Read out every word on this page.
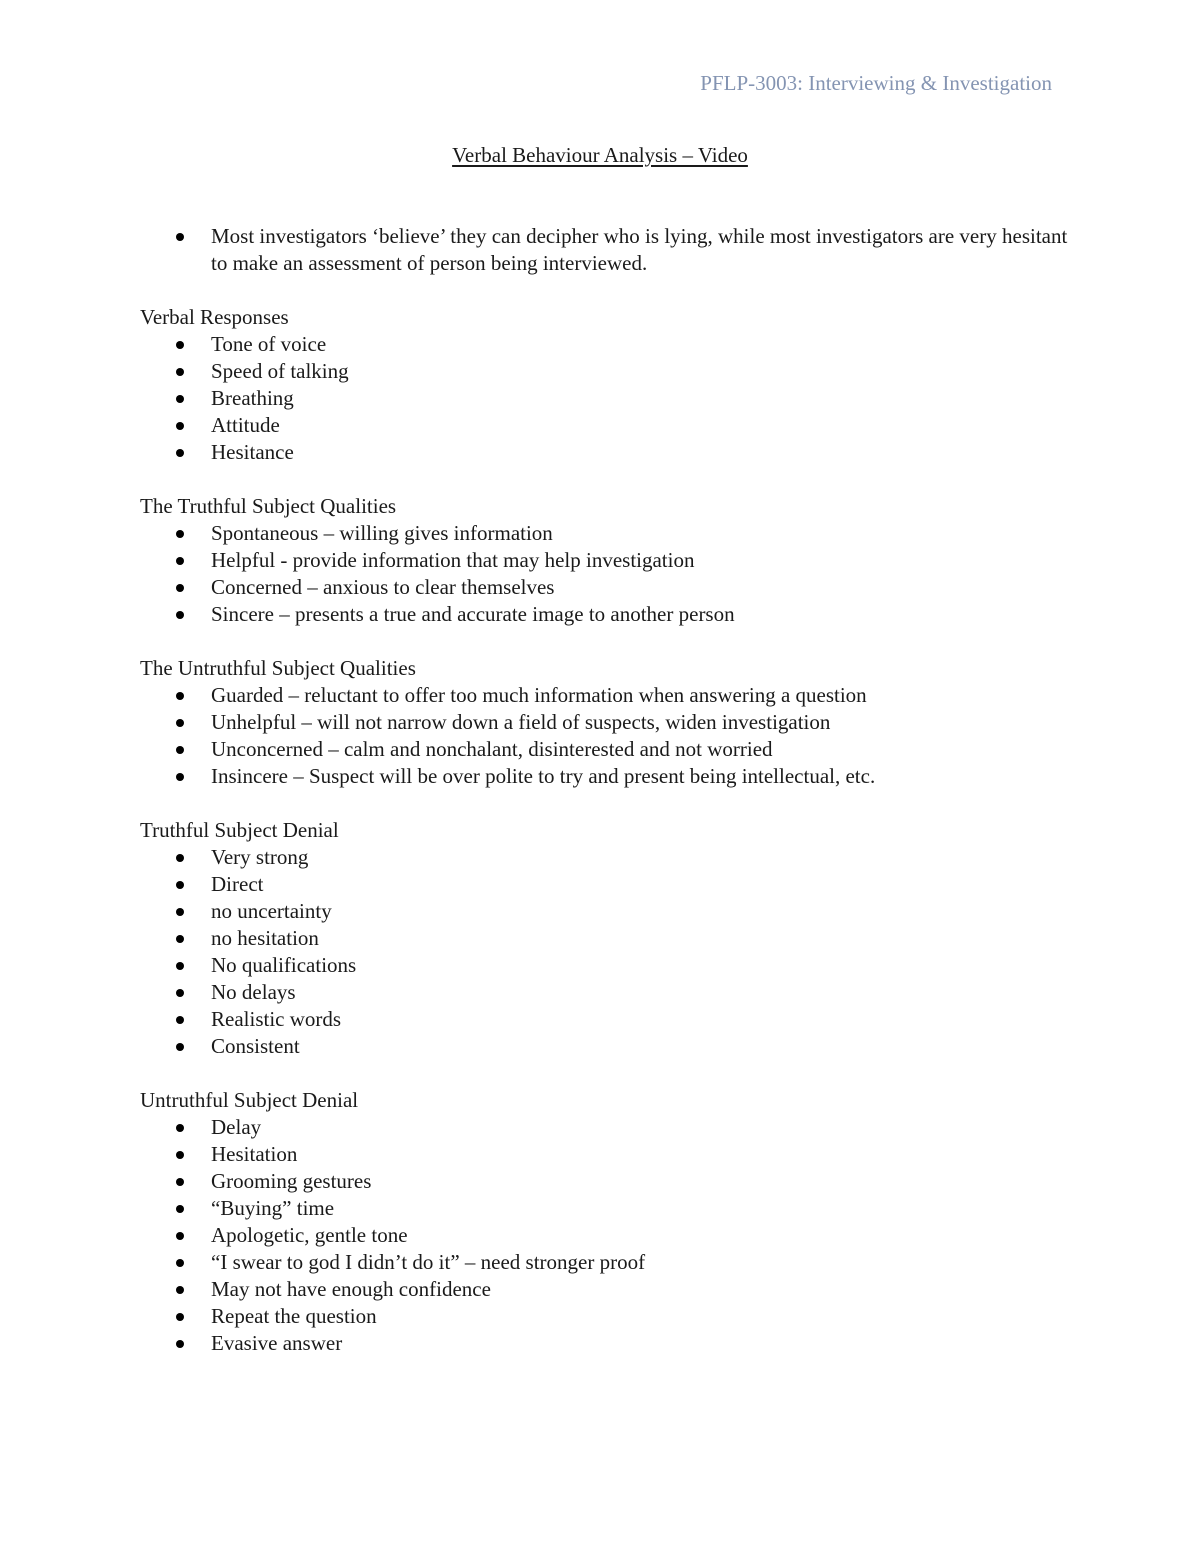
PFLP-3003: Interviewing & Investigation
Verbal Behaviour Analysis – Video
Most investigators ‘believe’ they can decipher who is lying, while most investigators are very hesitant to make an assessment of person being interviewed.
Verbal Responses
Tone of voice
Speed of talking
Breathing
Attitude
Hesitance
The Truthful Subject Qualities
Spontaneous – willing gives information
Helpful - provide information that may help investigation
Concerned – anxious to clear themselves
Sincere – presents a true and accurate image to another person
The Untruthful Subject Qualities
Guarded – reluctant to offer too much information when answering a question
Unhelpful – will not narrow down a field of suspects, widen investigation
Unconcerned – calm and nonchalant, disinterested and not worried
Insincere – Suspect will be over polite to try and present being intellectual, etc.
Truthful Subject Denial
Very strong
Direct
no uncertainty
no hesitation
No qualifications
No delays
Realistic words
Consistent
Untruthful Subject Denial
Delay
Hesitation
Grooming gestures
“Buying” time
Apologetic, gentle tone
“I swear to god I didn’t do it” – need stronger proof
May not have enough confidence
Repeat the question
Evasive answer
